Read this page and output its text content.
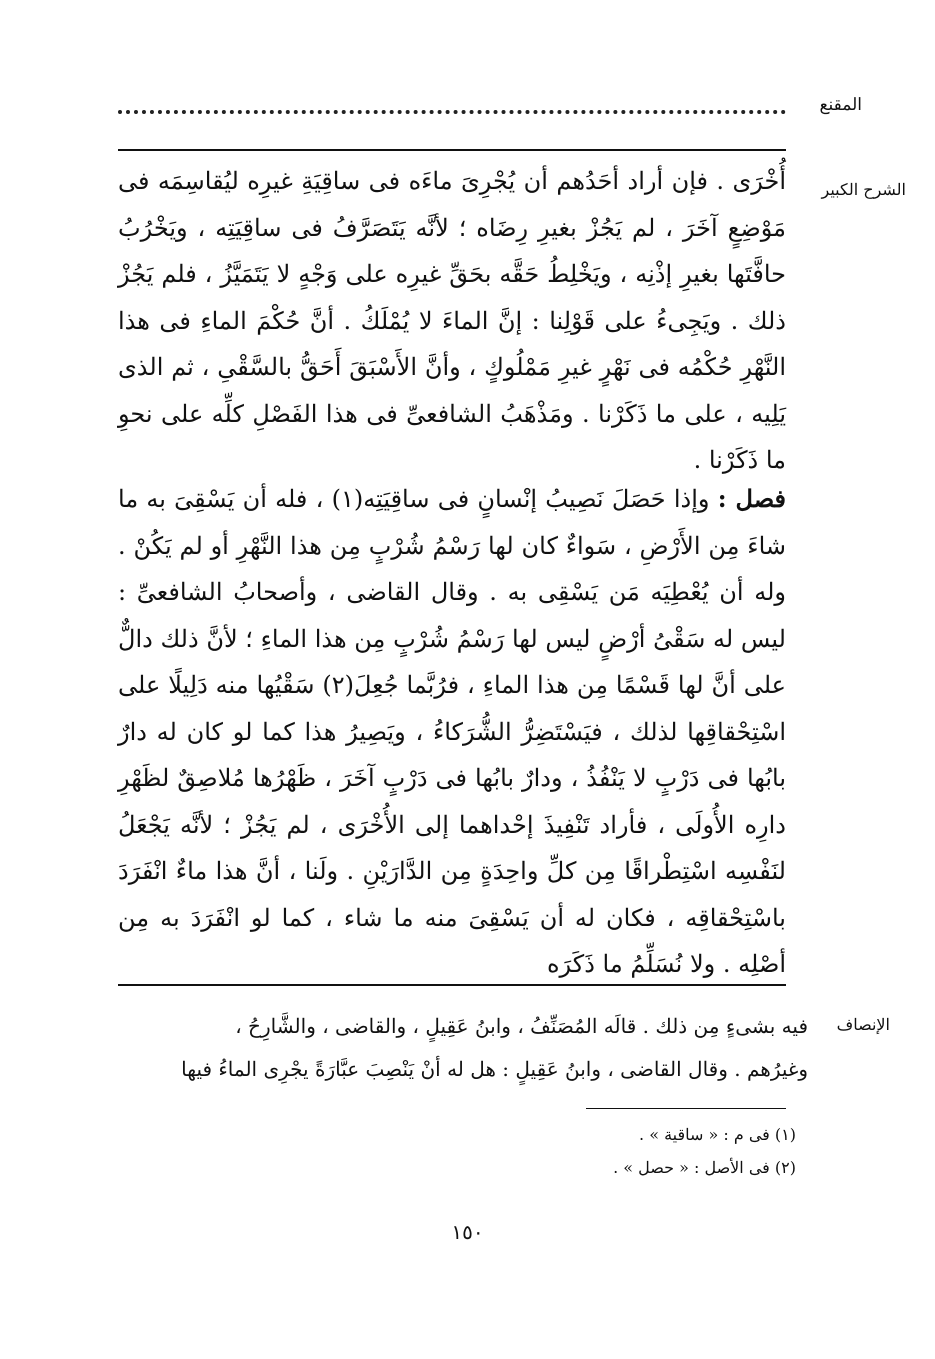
المقنع
الشرح الكبير

أُخْرَى . فإن أراد أحَدُهم أن يُجْرِىَ ماءَه فى ساقِيَةِ غيرِه ليُقاسِمَه فى مَوْضِعٍ آخَرَ ، لم يَجُزْ بغيرِ رِضَاه ؛ لأنَّه يَتَصَرَّفُ فى ساقِيَتِه ، ويَخْرُبُ حافَّتَها بغيرِ إذْنِه ، ويَخْلِطُ حَقَّه بحَقِّ غيرِه على وَجْهٍ لا يَتَمَيَّزُ ، فلم يَجُزْ ذلك . ويَجِىءُ على قَوْلِنا : إنَّ الماءَ لا يُمْلَكُ . أنَّ حُكْمَ الماءِ فى هذا النَّهْرِ حُكْمُه فى نَهْرٍ غيرِ مَمْلُوكٍ ، وأنَّ الأَسْبَقَ أَحَقُّ بالسَّقْىِ ، ثم الذى يَلِيه ، على ما ذَكَرْنا . ومَذْهَبُ الشافعىِّ فى هذا الفَصْلِ كلِّه على نحوِ ما ذَكَرْنا .

فصل : وإذا حَصَلَ نَصِيبُ إنْسانٍ فى ساقِيَتِه(١) ، فله أن يَسْقِىَ به ما شاءَ مِن الأَرْضِ ، سَواءٌ كان لها رَسْمُ شُرْبٍ مِن هذا النَّهْرِ أو لم يَكُنْ . وله أن يُعْطِيَه مَن يَسْقِى به . وقال القاضى ، وأصحابُ الشافعىِّ : ليس له سَقْىُ أرْضٍ ليس لها رَسْمُ شُرْبٍ مِن هذا الماءِ ؛ لأنَّ ذلك دالٌّ على أنَّ لها قَسْمًا مِن هذا الماءِ ، فرُبَّما جُعِلَ(٢) سَقْيُها منه دَلِيلًا على اسْتِحْقاقِها لذلك ، فيَسْتَضِرُّ الشُّرَكاءُ ، ويَصِيرُ هذا كما لو كان له دارٌ بابُها فى دَرْبٍ لا يَنْفُذُ ، ودارٌ بابُها فى دَرْبٍ آخَرَ ، ظَهْرُها مُلاصِقٌ لظَهْرِ دارِه الأُولَى ، فأراد تَنْفِيذَ إحْداهما إلى الأُخْرَى ، لم يَجُزْ ؛ لأنَّه يَجْعَلُ لنَفْسِه اسْتِطْراقًا مِن كلِّ واحِدَةٍ مِن الدَّارَيْنِ . ولَنا ، أنَّ هذا ماءٌ انْفَرَدَ باسْتِحْقاقِه ، فكان له أن يَسْقِىَ منه ما شاء ، كما لو انْفَرَدَ به مِن أصْلِه . ولا نُسَلِّمُ ما ذَكَرَه

الإنصاف

فيه بشىءٍ مِن ذلك . قالَه المُصَنِّفُ ، وابنُ عَقِيلٍ ، والقاضى ، والشَّارِحُ ،

وغيرُهم . وقال القاضى ، وابنُ عَقِيلٍ : هل له أنْ يَنْصِبَ عبَّارَةً يجْرِى الماءُ فيها

(١) فى م : « ساقية » .
(٢) فى الأصل : « حصل » .
١٥٠
